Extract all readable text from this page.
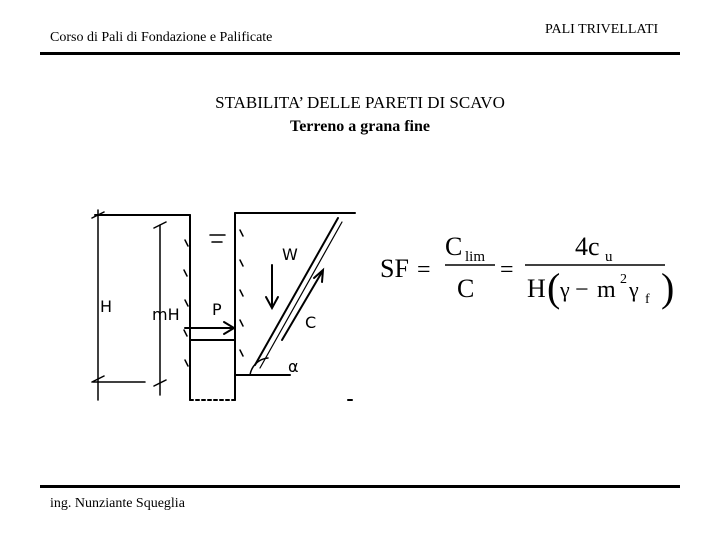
Corso di Pali di Fondazione e Palificate
PALI TRIVELLATI
STABILITA’ DELLE PARETI DI SCAVO
Terreno a grana fine
H mH P
W
C
α
SF =
C lim
C
=
4c u
H ( γ − m 2 γ f )
ing. Nunziante Squeglia
